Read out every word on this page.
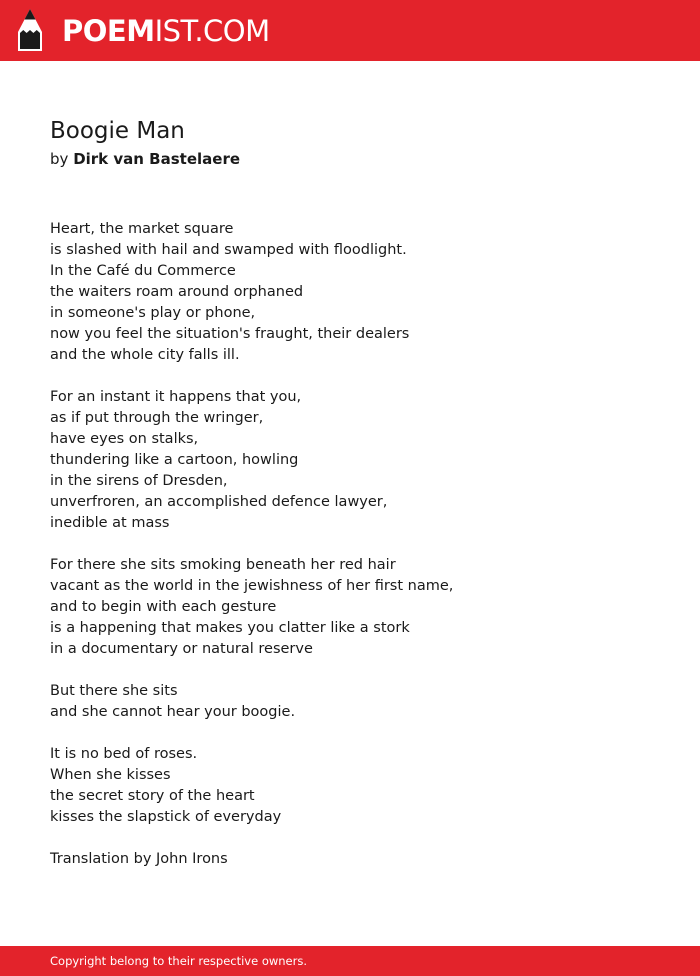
POEMIST.COM
Boogie Man
by Dirk van Bastelaere
Heart, the market square
is slashed with hail and swamped with floodlight.
In the Café du Commerce
the waiters roam around orphaned
in someone's play or phone,
now you feel the situation's fraught, their dealers
and the whole city falls ill.
For an instant it happens that you,
as if put through the wringer,
have eyes on stalks,
thundering like a cartoon, howling
in the sirens of Dresden,
unverfroren, an accomplished defence lawyer,
inedible at mass
For there she sits smoking beneath her red hair
vacant as the world in the jewishness of her first name,
and to begin with each gesture
is a happening that makes you clatter like a stork
in a documentary or natural reserve
But there she sits
and she cannot hear your boogie.
It is no bed of roses.
When she kisses
the secret story of the heart
kisses the slapstick of everyday
Translation by John Irons
Copyright belong to their respective owners.
